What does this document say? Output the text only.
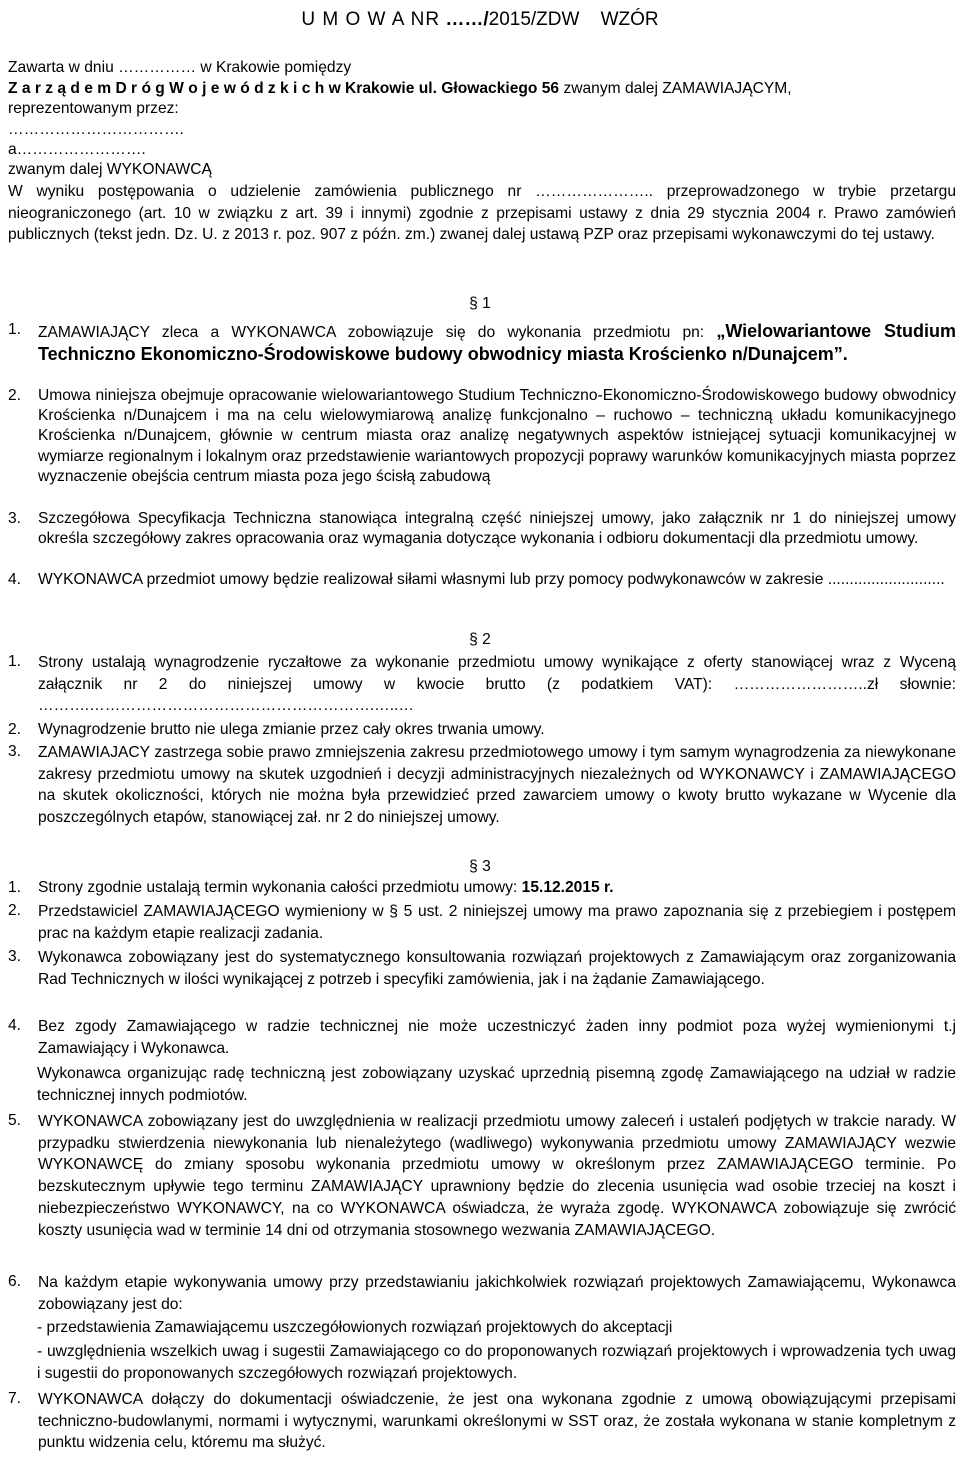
U M O W A NR ……/2015/ZDW WZÓR
Zawarta w dniu …………… w Krakowie pomiędzy
Z a r z ą d e m D r ó g W o j e w ó d z k i c h w Krakowie ul. Głowackiego 56 zwanym dalej ZAMAWIAJĄCYM,
reprezentowanym przez:
…………………………….
a…………………….
zwanym dalej WYKONAWCĄ
W wyniku postępowania o udzielenie zamówienia publicznego nr ………………….. przeprowadzonego w trybie przetargu nieograniczonego (art. 10 w związku z art. 39 i innymi) zgodnie z przepisami ustawy z dnia 29 stycznia 2004 r. Prawo zamówień publicznych (tekst jedn. Dz. U. z 2013 r. poz. 907 z późn. zm.) zwanej dalej ustawą PZP oraz przepisami wykonawczymi do tej ustawy.
§ 1
1.	ZAMAWIAJĄCY zleca a WYKONAWCA zobowiązuje się do wykonania przedmiotu pn: „Wielowariantowe Studium Techniczno Ekonomiczno-Środowiskowe budowy obwodnicy miasta Krościenko n/Dunajcem”.
2.	Umowa niniejsza obejmuje opracowanie wielowariantowego Studium Techniczno-Ekonomiczno-Środowiskowego budowy obwodnicy Krościenka n/Dunajcem i ma na celu wielowymiarową analizę funkcjonalno – ruchowo – techniczną układu komunikacyjnego Krościenka n/Dunajcem, głównie w centrum miasta oraz analizę negatywnych aspektów istniejącej sytuacji komunikacyjnej w wymiarze regionalnym i lokalnym oraz przedstawienie wariantowych propozycji poprawy warunków komunikacyjnych miasta poprzez wyznaczenie obejścia centrum miasta poza jego ścisłą zabudową
3.	Szczegółowa Specyfikacja Techniczna stanowiąca integralną część niniejszej umowy, jako załącznik nr 1 do niniejszej umowy określa szczegółowy zakres opracowania oraz wymagania dotyczące wykonania i odbioru dokumentacji dla przedmiotu umowy.
4.	WYKONAWCA przedmiot umowy będzie realizował siłami własnymi lub przy pomocy podwykonawców w zakresie ...........................
§ 2
1.	Strony ustalają wynagrodzenie ryczałtowe za wykonanie przedmiotu umowy wynikające z oferty stanowiącej wraz z Wyceną załącznik nr 2 do niniejszej umowy w kwocie brutto (z podatkiem VAT): ……………………..zł słownie: ……….……………………………………………….…..…
2.	Wynagrodzenie brutto nie ulega zmianie przez cały okres trwania umowy.
3.	ZAMAWIAJACY zastrzega sobie prawo zmniejszenia zakresu przedmiotowego umowy i tym samym wynagrodzenia za niewykonane zakresy przedmiotu umowy na skutek uzgodnień i decyzji administracyjnych niezależnych od WYKONAWCY i ZAMAWIAJĄCEGO na skutek okoliczności, których nie można była przewidzieć przed zawarciem umowy o kwoty brutto wykazane w Wycenie dla poszczególnych etapów, stanowiącej zał. nr 2 do niniejszej umowy.
§ 3
1.	Strony zgodnie ustalają termin wykonania całości przedmiotu umowy: 15.12.2015 r.
2.	Przedstawiciel ZAMAWIAJĄCEGO wymieniony w § 5 ust. 2 niniejszej umowy ma prawo zapoznania się z przebiegiem i postępem prac na każdym etapie realizacji zadania.
3.	Wykonawca zobowiązany jest do systematycznego konsultowania rozwiązań projektowych z Zamawiającym oraz zorganizowania Rad Technicznych w ilości wynikającej z potrzeb i specyfiki zamówienia, jak i na żądanie Zamawiającego.
4.	Bez zgody Zamawiającego w radzie technicznej nie może uczestniczyć żaden inny podmiot poza wyżej wymienionymi t.j Zamawiający i Wykonawca.
Wykonawca organizując radę techniczną jest zobowiązany uzyskać uprzednią pisemną zgodę Zamawiającego na udział w radzie technicznej innych podmiotów.
5.	WYKONAWCA zobowiązany jest do uwzględnienia w realizacji przedmiotu umowy zaleceń i ustaleń podjętych w trakcie narady. W przypadku stwierdzenia niewykonania lub nienależytego (wadliwego) wykonywania przedmiotu umowy ZAMAWIAJĄCY wezwie WYKONAWCĘ do zmiany sposobu wykonania przedmiotu umowy w określonym przez ZAMAWIAJĄCEGO terminie. Po bezskutecznym upływie tego terminu ZAMAWIAJĄCY uprawniony będzie do zlecenia usunięcia wad osobie trzeciej na koszt i niebezpieczeństwo WYKONAWCY, na co WYKONAWCA oświadcza, że wyraża zgodę. WYKONAWCA zobowiązuje się zwrócić koszty usunięcia wad w terminie 14 dni od otrzymania stosownego wezwania ZAMAWIAJĄCEGO.
6.	Na każdym etapie wykonywania umowy przy przedstawianiu jakichkolwiek rozwiązań projektowych Zamawiającemu, Wykonawca zobowiązany jest do:
- przedstawienia Zamawiającemu uszczegółowionych rozwiązań projektowych do akceptacji
- uwzględnienia wszelkich uwag i sugestii Zamawiającego co do proponowanych rozwiązań projektowych i wprowadzenia tych uwag i sugestii do proponowanych szczegółowych rozwiązań projektowych.
7.	WYKONAWCA dołączy do dokumentacji oświadczenie, że jest ona wykonana zgodnie z umową obowiązującymi przepisami techniczno-budowlanymi, normami i wytycznymi, warunkami określonymi w SST oraz, że została wykonana w stanie kompletnym z punktu widzenia celu, któremu ma służyć.
